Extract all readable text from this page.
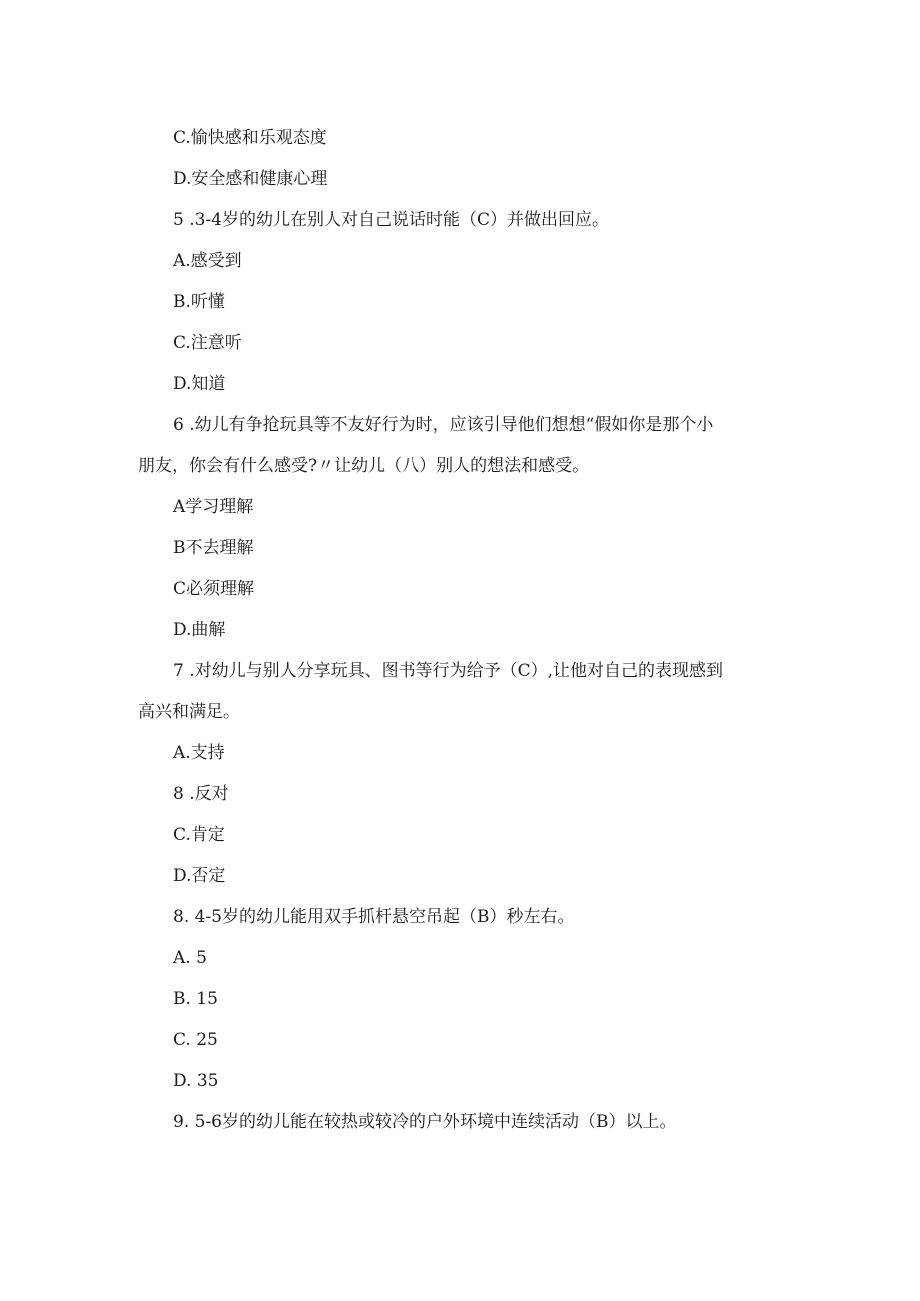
C.愉快感和乐观态度
D.安全感和健康心理
5 .3-4岁的幼儿在别人对自己说话时能（C）并做出回应。
A.感受到
B.听懂
C.注意听
D.知道
6 .幼儿有争抢玩具等不友好行为时，应该引导他们想想“假如你是那个小
朋友，你会有什么感受?〃让幼儿（八）别人的想法和感受。
A学习理解
B不去理解
C必须理解
D.曲解
7 .对幼儿与别人分享玩具、图书等行为给予（C）,让他对自己的表现感到
高兴和满足。
A.支持
8 .反对
C.肯定
D.否定
8. 4-5岁的幼儿能用双手抓杆悬空吊起（B）秒左右。
A. 5
B. 15
C. 25
D. 35
9. 5-6岁的幼儿能在较热或较冷的户外环境中连续活动（B）以上。
